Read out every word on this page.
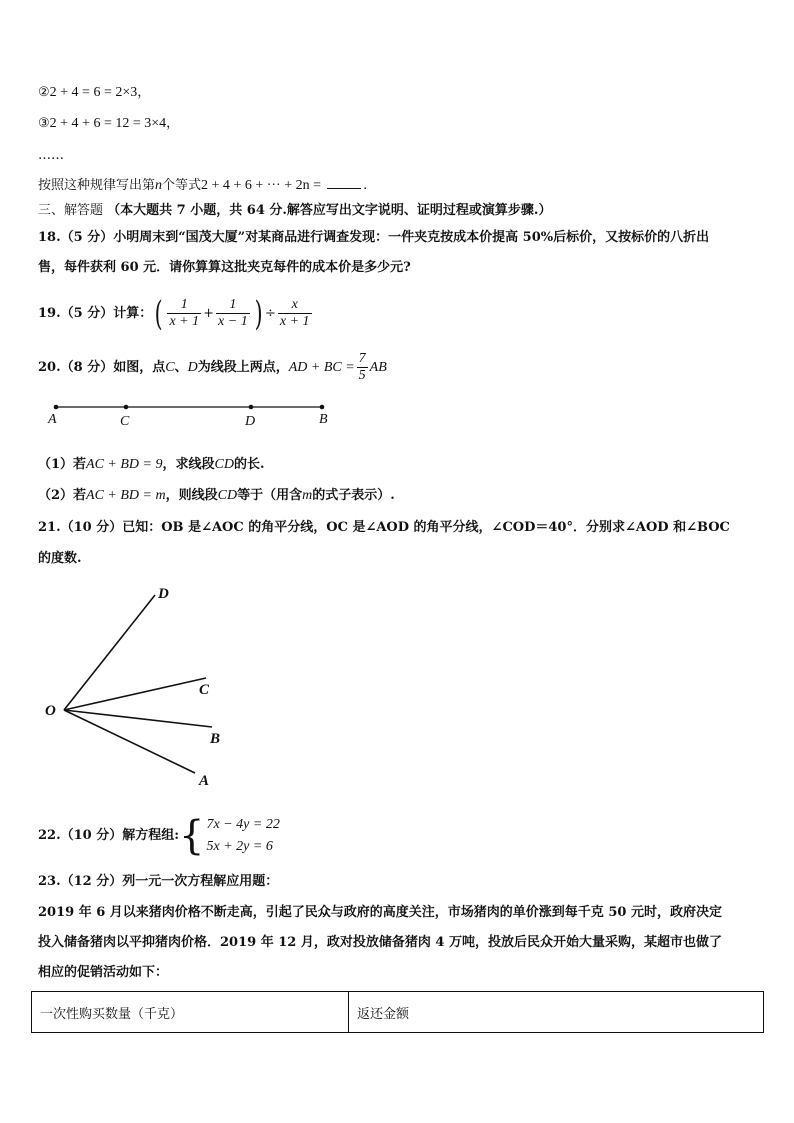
②2 + 4 = 6 = 2×3，
③2 + 4 + 6 = 12 = 3×4，
……
按照这种规律写出第n个等式2 + 4 + 6 + ··· + 2n =	.
三、解答题 （本大题共 7 小题，共 64 分.解答应写出文字说明、证明过程或演算步骤.）
18.（5 分）小明周末到“国茂大厦”对某商品进行调查发现：一件夹克按成本价提高 50%后标价，又按标价的八折出
售，每件获利 60 元．请你算算这批夹克每件的成本价是多少元?
19.（5 分）计算：( $\frac{1}{x + 1} + \frac{1}{x - 1}$ ) ÷ $\frac{x}{x + 1}$
20.（8 分）如图，点C、D为线段上两点，AD + BC = $\frac{7}{5}$ AB
A	C	D	B
（1）若AC + BD = 9，求线段CD的长.
（2）若AC + BD = m，则线段CD等于（用含m的式子表示）.
21.（10 分）已知：OB 是∠AOC 的角平分线，OC 是∠AOD 的角平分线，∠COD＝40°．分别求∠AOD 和∠BOC
的度数.
O
D
C
B
A
22.（10 分）解方程组:{ 7x − 4y = 22
5x + 2y = 6
23.（12 分）列一元一次方程解应用题：
2019 年 6 月以来猪肉价格不断走高，引起了民众与政府的高度关注，市场猪肉的单价涨到每千克 50 元时，政府决定
投入储备猪肉以平抑猪肉价格．2019 年 12 月，政对投放储备猪肉 4 万吨，投放后民众开始大量采购，某超市也做了
相应的促销活动如下：
一次性购买数量（千克）	返还金额
